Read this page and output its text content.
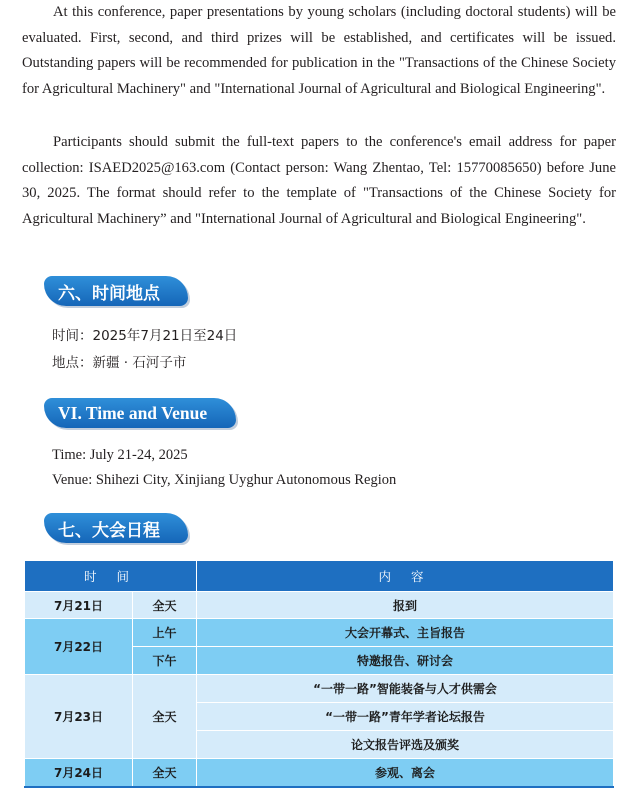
At this conference, paper presentations by young scholars (including doctoral students) will be evaluated. First, second, and third prizes will be established, and certificates will be issued. Outstanding papers will be recommended for publication in the "Transactions of the Chinese Society for Agricultural Machinery" and "International Journal of Agricultural and Biological Engineering".

Participants should submit the full-text papers to the conference's email address for paper collection: ISAED2025@163.com (Contact person: Wang Zhentao, Tel: 15770085650) before June 30, 2025. The format should refer to the template of "Transactions of the Chinese Society for Agricultural Machinery” and "International Journal of Agricultural and Biological Engineering".

六、时间地点
时间：2025年7月21日至24日
地点：新疆 · 石河子市
VI. Time and Venue
Time: July 21-24, 2025
Venue: Shihezi City, Xinjiang Uyghur Autonomous Region
七、大会日程
时 间		内 容
7月21日	全天	报到
7月22日	上午	大会开幕式、主旨报告
	下午	特邀报告、研讨会
7月23日	全天	“一带一路”智能装备与人才供需会
		“一带一路”青年学者论坛报告
		论文报告评选及颁奖
7月24日	全天	参观、离会
